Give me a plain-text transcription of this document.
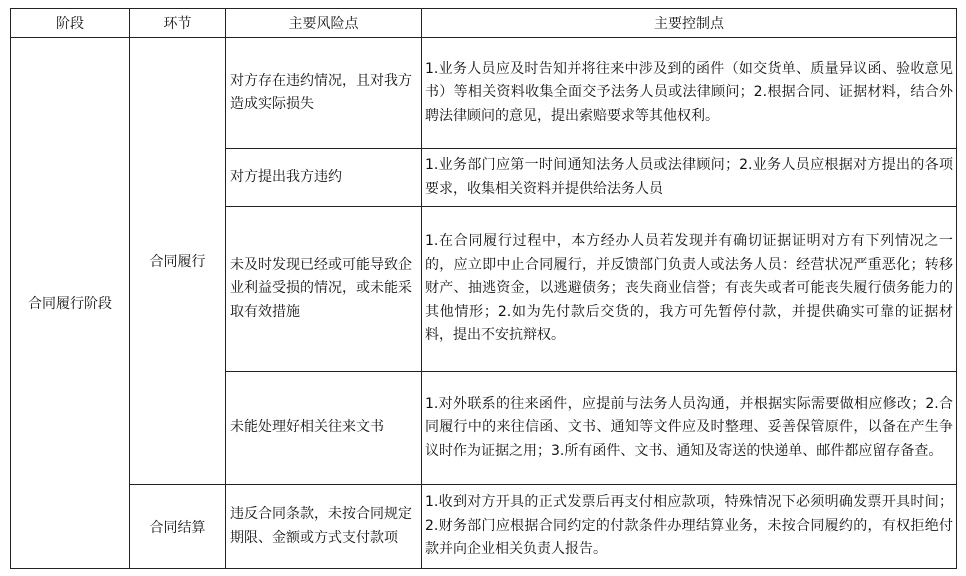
阶段	环节	主要风险点	主要控制点
合同履行阶段	合同履行	对方存在违约情况，且对我方造成实际损失	1.业务人员应及时告知并将往来中涉及到的函件（如交货单、质量异议函、验收意见书）等相关资料收集全面交予法务人员或法律顾问；2.根据合同、证据材料，结合外聘法律顾问的意见，提出索赔要求等其他权利。
		对方提出我方违约	1.业务部门应第一时间通知法务人员或法律顾问；2.业务人员应根据对方提出的各项要求，收集相关资料并提供给法务人员
		未及时发现已经或可能导致企业利益受损的情况，或未能采取有效措施	1.在合同履行过程中，本方经办人员若发现并有确切证据证明对方有下列情况之一的，应立即中止合同履行，并反馈部门负责人或法务人员：经营状况严重恶化；转移财产、抽逃资金，以逃避债务；丧失商业信誉；有丧失或者可能丧失履行债务能力的其他情形；2.如为先付款后交货的，我方可先暂停付款，并提供确实可靠的证据材料，提出不安抗辩权。
		未能处理好相关往来文书	1.对外联系的往来函件，应提前与法务人员沟通，并根据实际需要做相应修改；2.合同履行中的来往信函、文书、通知等文件应及时整理、妥善保管原件，以备在产生争议时作为证据之用；3.所有函件、文书、通知及寄送的快递单、邮件都应留存备查。
	合同结算	违反合同条款，未按合同规定期限、金额或方式支付款项	1.收到对方开具的正式发票后再支付相应款项，特殊情况下必须明确发票开具时间；2.财务部门应根据合同约定的付款条件办理结算业务，未按合同履约的，有权拒绝付款并向企业相关负责人报告。
